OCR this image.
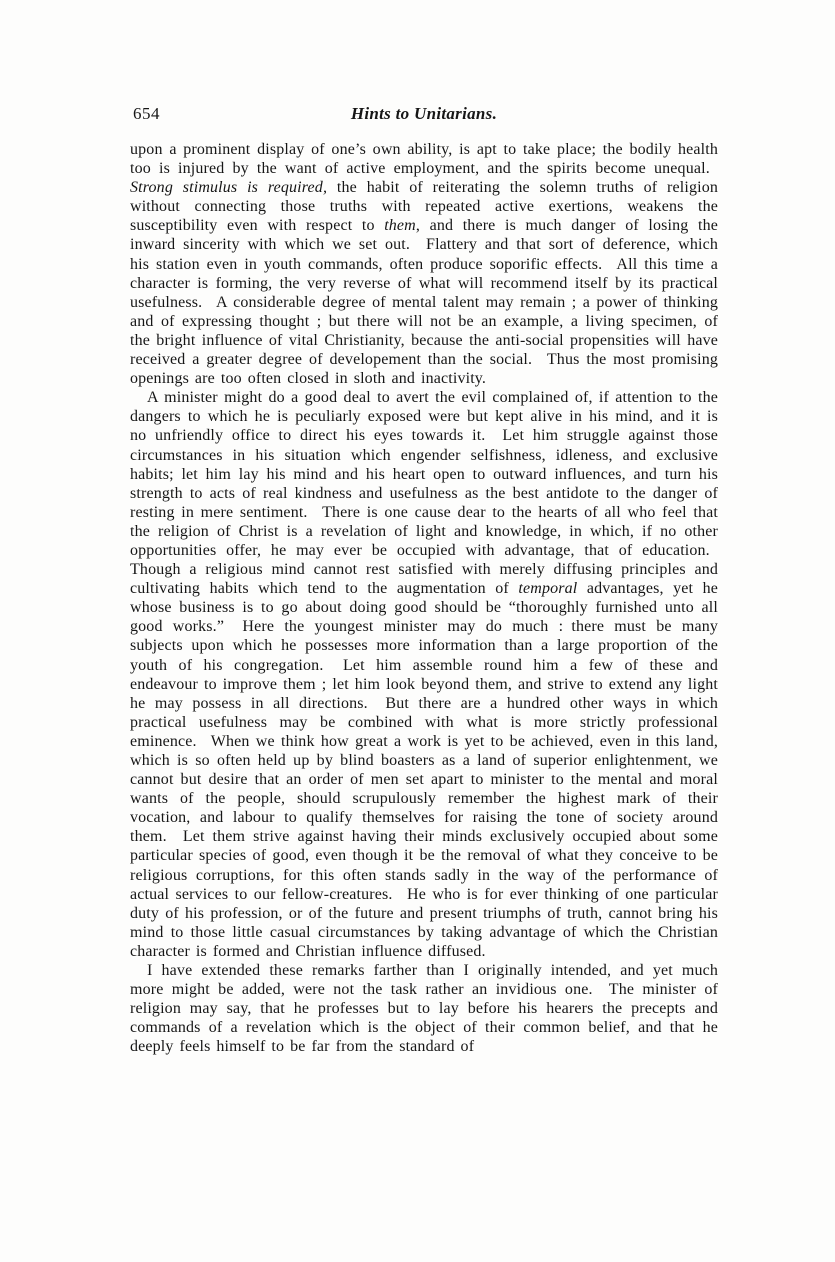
654	Hints to Unitarians.

upon a prominent display of one’s own ability, is apt to take place; the bodily health too is injured by the want of active employment, and the spirits become unequal.  Strong stimulus is required, the habit of reiterating the solemn truths of religion without connecting those truths with repeated active exertions, weakens the susceptibility even with respect to them, and there is much danger of losing the inward sincerity with which we set out.  Flattery and that sort of deference, which his station even in youth commands, often produce soporific effects.  All this time a character is forming, the very reverse of what will recommend itself by its practical usefulness.  A considerable degree of mental talent may remain ; a power of thinking and of expressing thought ; but there will not be an example, a living specimen, of the bright influence of vital Christianity, because the anti-social propensities will have received a greater degree of developement than the social.  Thus the most promising openings are too often closed in sloth and inactivity.

A minister might do a good deal to avert the evil complained of, if attention to the dangers to which he is peculiarly exposed were but kept alive in his mind, and it is no unfriendly office to direct his eyes towards it.  Let him struggle against those circumstances in his situation which engender selfishness, idleness, and exclusive habits; let him lay his mind and his heart open to outward influences, and turn his strength to acts of real kindness and usefulness as the best antidote to the danger of resting in mere sentiment.  There is one cause dear to the hearts of all who feel that the religion of Christ is a revelation of light and knowledge, in which, if no other opportunities offer, he may ever be occupied with advantage, that of education.  Though a religious mind cannot rest satisfied with merely diffusing principles and cultivating habits which tend to the augmentation of temporal advantages, yet he whose business is to go about doing good should be “thoroughly furnished unto all good works.”  Here the youngest minister may do much : there must be many subjects upon which he possesses more information than a large proportion of the youth of his congregation.  Let him assemble round him a few of these and endeavour to improve them ; let him look beyond them, and strive to extend any light he may possess in all directions.  But there are a hundred other ways in which practical usefulness may be combined with what is more strictly professional eminence.  When we think how great a work is yet to be achieved, even in this land, which is so often held up by blind boasters as a land of superior enlightenment, we cannot but desire that an order of men set apart to minister to the mental and moral wants of the people, should scrupulously remember the highest mark of their vocation, and labour to qualify themselves for raising the tone of society around them.  Let them strive against having their minds exclusively occupied about some particular species of good, even though it be the removal of what they conceive to be religious corruptions, for this often stands sadly in the way of the performance of actual services to our fellow-creatures.  He who is for ever thinking of one particular duty of his profession, or of the future and present triumphs of truth, cannot bring his mind to those little casual circumstances by taking advantage of which the Christian character is formed and Christian influence diffused.

I have extended these remarks farther than I originally intended, and yet much more might be added, were not the task rather an invidious one.  The minister of religion may say, that he professes but to lay before his hearers the precepts and commands of a revelation which is the object of their common belief, and that he deeply feels himself to be far from the standard of
